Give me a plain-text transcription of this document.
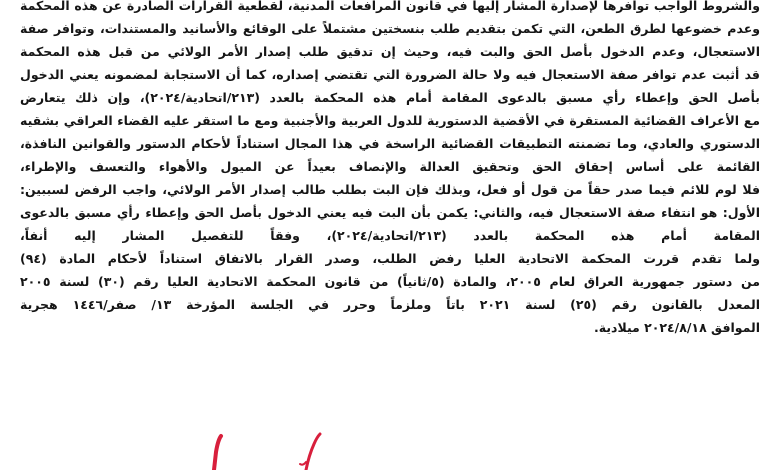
والشروط الواجب توافرها لإصدارة المشار إليها في قانون المرافعات المدنية، لقطعية القرارات الصادرة عن هذه المحكمة
وعدم خضوعها لطرق الطعن، التي تكمن بتقديم طلب بنسختين مشتملاً على الوقائع والأسانيد والمستندات، وتوافر صفة
الاستعجال، وعدم الدخول بأصل الحق والبت فيه، وحيث إن تدقيق طلب إصدار الأمر الولائي من قبل هذه المحكمة
قد أثبت عدم توافر صفة الاستعجال فيه ولا حالة الضرورة التي تقتضي إصداره، كما أن الاستجابة لمضمونه يعني الدخول
بأصل الحق وإعطاء رأي مسبق بالدعوى المقامة أمام هذه المحكمة بالعدد (٢١٣/اتحادية/٢٠٢٤)، وإن ذلك يتعارض
مع الأعراف القضائية المستقرة في الأقضية الدستورية للدول العربية والأجنبية ومع ما استقر عليه القضاء العراقي بشقيه
الدستوري والعادي، وما تضمنته التطبيقات القضائية الراسخة في هذا المجال استناداً لأحكام الدستور والقوانين النافذة،
القائمة على أساس إحقاق الحق وتحقيق العدالة والإنصاف بعيداً عن الميول والأهواء والتعسف والإطراء،
فلا لوم للائم فيما صدر حقاً من قول أو فعل، وبذلك فإن البت بطلب طالب إصدار الأمر الولائي، واجب الرفض لسببين:
الأول: هو انتفاء صفة الاستعجال فيه، والثاني: يكمن بأن البت فيه يعني الدخول بأصل الحق وإعطاء رأي مسبق بالدعوى
المقامة أمام هذه المحكمة بالعدد (٢١٣/اتحادية/٢٠٢٤)، وفقاً للتفصيل المشار إليه أنفاً،
ولما تقدم قررت المحكمة الاتحادية العليا رفض الطلب، وصدر القرار بالاتفاق استناداً لأحكام المادة (٩٤)
من دستور جمهورية العراق لعام ٢٠٠٥، والمادة (٥/ثانياً) من قانون المحكمة الاتحادية العليا رقم (٣٠) لسنة ٢٠٠٥
المعدل بالقانون رقم (٢٥) لسنة ٢٠٢١ باتاً وملزماً وحرر في الجلسة المؤرخة ١٣/ صفر/١٤٤٦ هجرية
الموافق ٢٠٢٤/٨/١٨ ميلادية.
